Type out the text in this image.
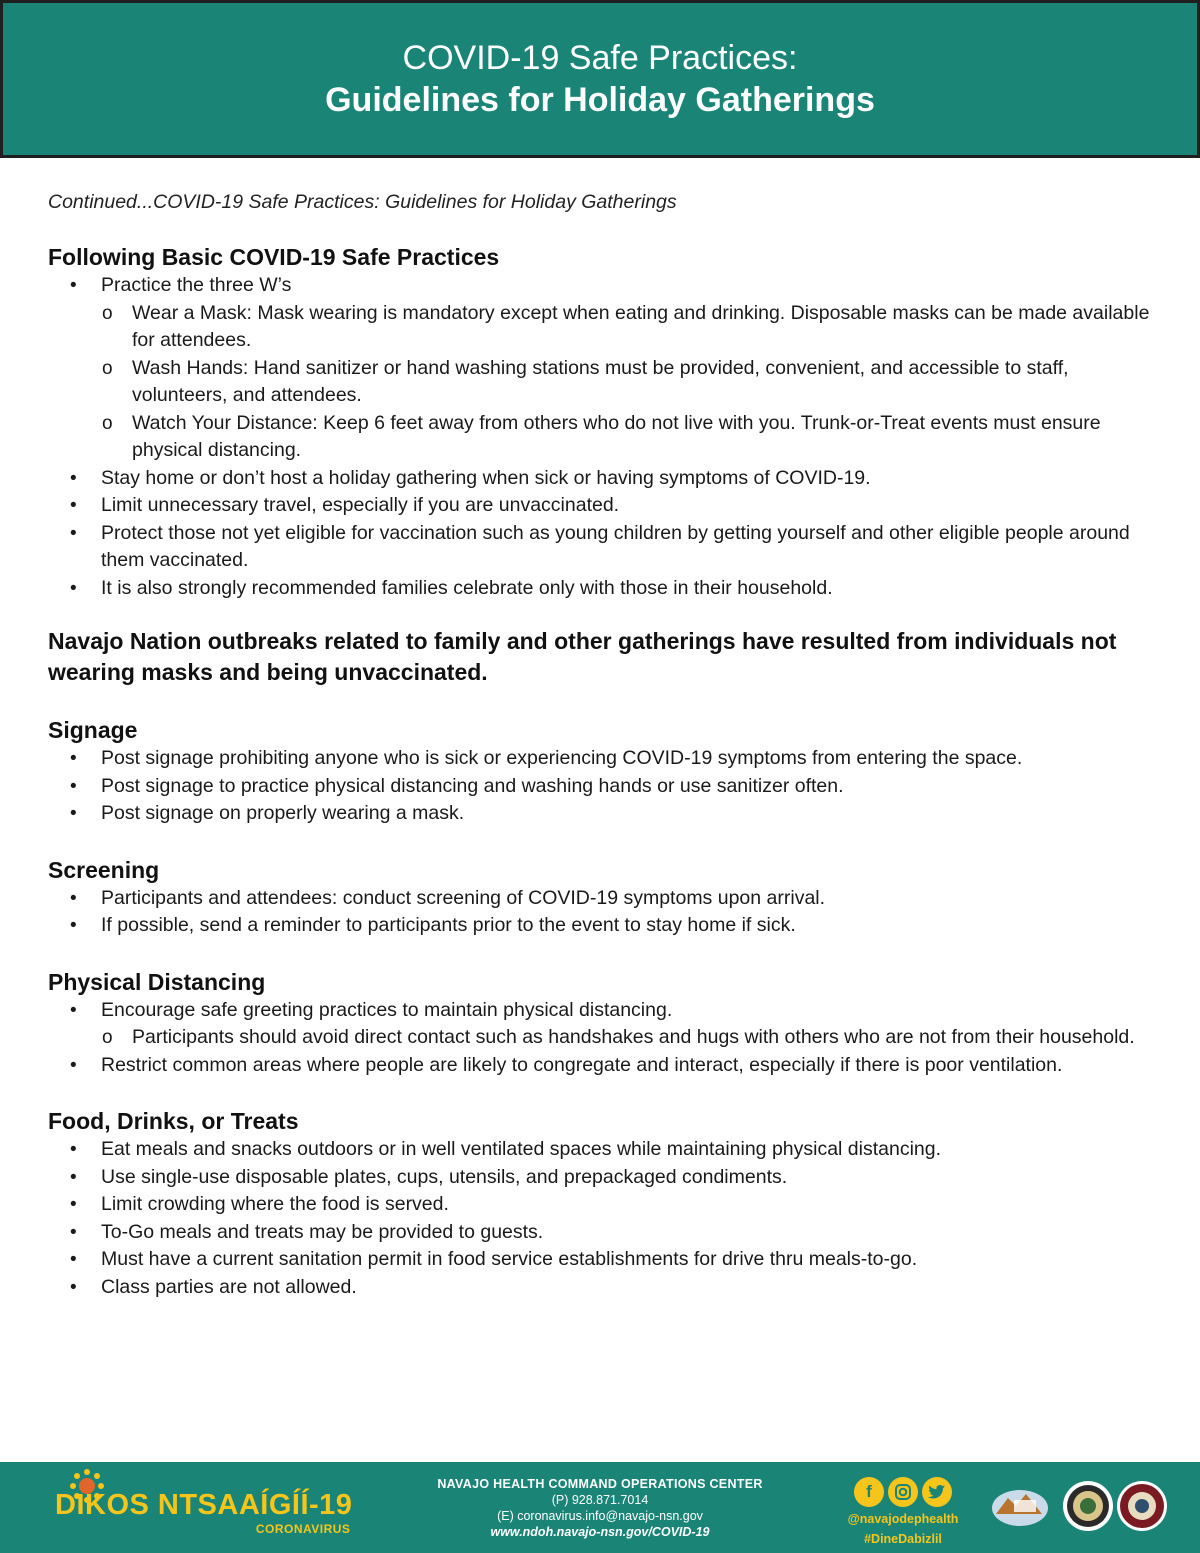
COVID-19 Safe Practices:
Guidelines for Holiday Gatherings
Continued...COVID-19 Safe Practices: Guidelines for Holiday Gatherings
Following Basic COVID-19 Safe Practices
• Practice the three W’s
o Wear a Mask: Mask wearing is mandatory except when eating and drinking. Disposable masks can be made available for attendees.
o Wash Hands: Hand sanitizer or hand washing stations must be provided, convenient, and accessible to staff, volunteers, and attendees.
o Watch Your Distance: Keep 6 feet away from others who do not live with you. Trunk-or-Treat events must ensure physical distancing.
• Stay home or don’t host a holiday gathering when sick or having symptoms of COVID-19.
• Limit unnecessary travel, especially if you are unvaccinated.
• Protect those not yet eligible for vaccination such as young children by getting yourself and other eligible people around them vaccinated.
• It is also strongly recommended families celebrate only with those in their household.
Navajo Nation outbreaks related to family and other gatherings have resulted from individuals not wearing masks and being unvaccinated.
Signage
• Post signage prohibiting anyone who is sick or experiencing COVID-19 symptoms from entering the space.
• Post signage to practice physical distancing and washing hands or use sanitizer often.
• Post signage on properly wearing a mask.
Screening
• Participants and attendees: conduct screening of COVID-19 symptoms upon arrival.
• If possible, send a reminder to participants prior to the event to stay home if sick.
Physical Distancing
• Encourage safe greeting practices to maintain physical distancing.
o Participants should avoid direct contact such as handshakes and hugs with others who are not from their household.
• Restrict common areas where people are likely to congregate and interact, especially if there is poor ventilation.
Food, Drinks, or Treats
• Eat meals and snacks outdoors or in well ventilated spaces while maintaining physical distancing.
• Use single-use disposable plates, cups, utensils, and prepackaged condiments.
• Limit crowding where the food is served.
• To-Go meals and treats may be provided to guests.
• Must have a current sanitation permit in food service establishments for drive thru meals-to-go.
• Class parties are not allowed.
DIKOS NTSAAÍGÍÍ-19
CORONAVIRUS
NAVAJO HEALTH COMMAND OPERATIONS CENTER
(P) 928.871.7014
(E) coronavirus.info@navajo-nsn.gov
www.ndoh.navajo-nsn.gov/COVID-19
f
@navajodephealth
#DineDabizlil
